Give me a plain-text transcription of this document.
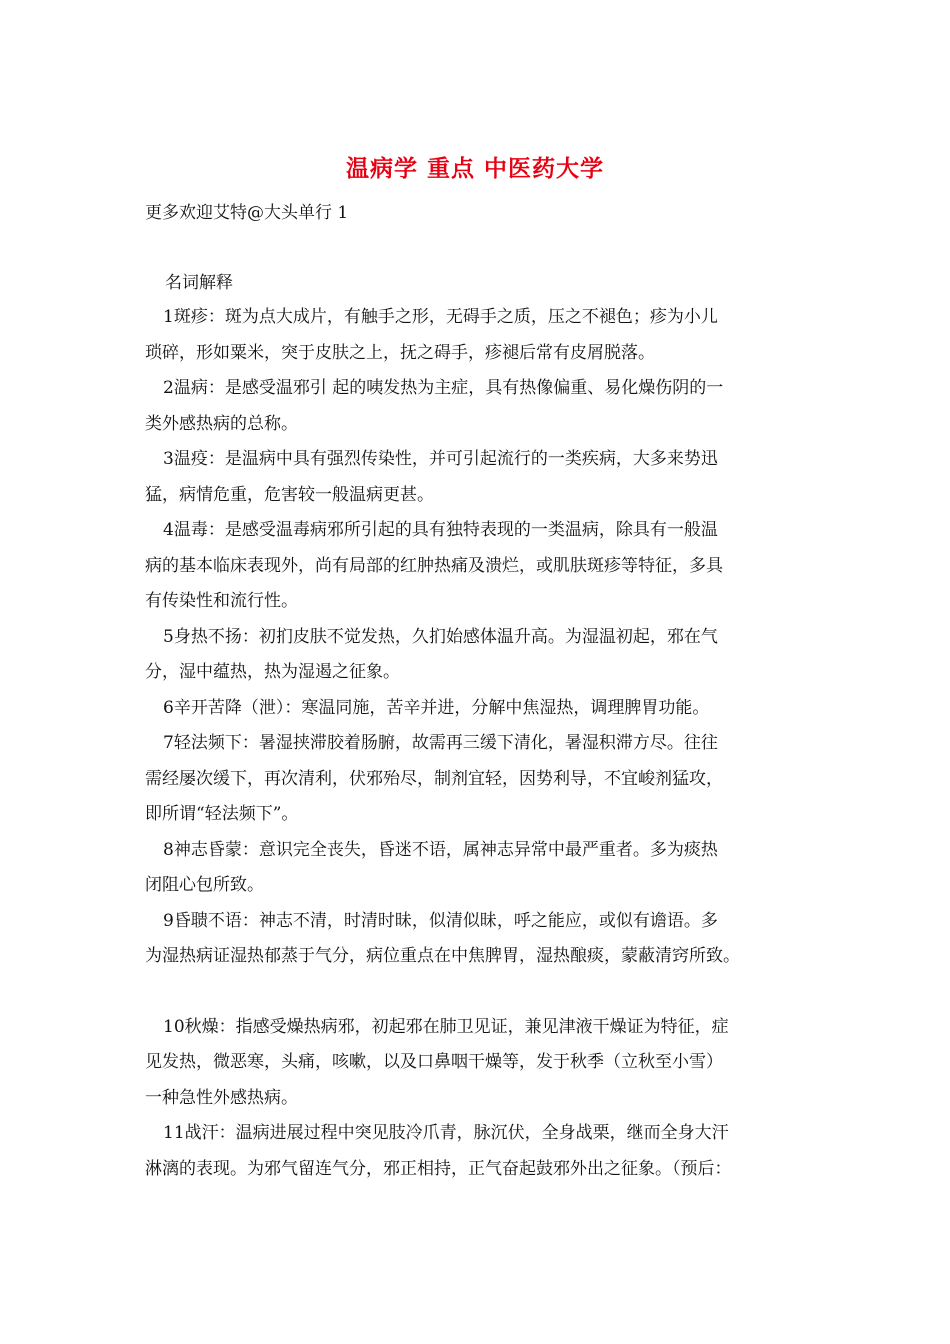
温病学 重点 中医药大学
更多欢迎艾特@大头单行 1
名词解释

1斑疹：斑为点大成片，有触手之形，无碍手之质，压之不褪色；疹为小儿
琐碎，形如粟米，突于皮肤之上，抚之碍手，疹褪后常有皮屑脱落。

2温病：是感受温邪引 起的咦发热为主症，具有热像偏重、易化燥伤阴的一
类外感热病的总称。

3温疫：是温病中具有强烈传染性，并可引起流行的一类疾病，大多来势迅
猛，病情危重，危害较一般温病更甚。

4温毒：是感受温毒病邪所引起的具有独特表现的一类温病，除具有一般温
病的基本临床表现外，尚有局部的红肿热痛及溃烂，或肌肤斑疹等特征，多具
有传染性和流行性。

5身热不扬：初扪皮肤不觉发热，久扪始感体温升高。为湿温初起，邪在气
分，湿中蕴热，热为湿遏之征象。

6辛开苦降（泄）：寒温同施，苦辛并进，分解中焦湿热，调理脾胃功能。

7轻法频下：暑湿挟滞胶着肠腑，故需再三缓下清化，暑湿积滞方尽。往往
需经屡次缓下，再次清利，伏邪殆尽，制剂宜轻，因势利导，不宜峻剂猛攻，
即所谓“轻法频下”。

8神志昏蒙：意识完全丧失，昏迷不语，属神志异常中最严重者。多为痰热
闭阻心包所致。

9昏聩不语：神志不清，时清时昧，似清似昧，呼之能应，或似有谵语。多
为湿热病证湿热郁蒸于气分，病位重点在中焦脾胃，湿热酿痰，蒙蔽清窍所致。

10秋燥：指感受燥热病邪，初起邪在肺卫见证，兼见津液干燥证为特征，症
见发热，微恶寒，头痛，咳嗽，以及口鼻咽干燥等，发于秋季（立秋至小雪）
一种急性外感热病。

11战汗：温病进展过程中突见肢冷爪青，脉沉伏，全身战栗，继而全身大汗
淋漓的表现。为邪气留连气分，邪正相持，正气奋起鼓邪外出之征象。（预后：
